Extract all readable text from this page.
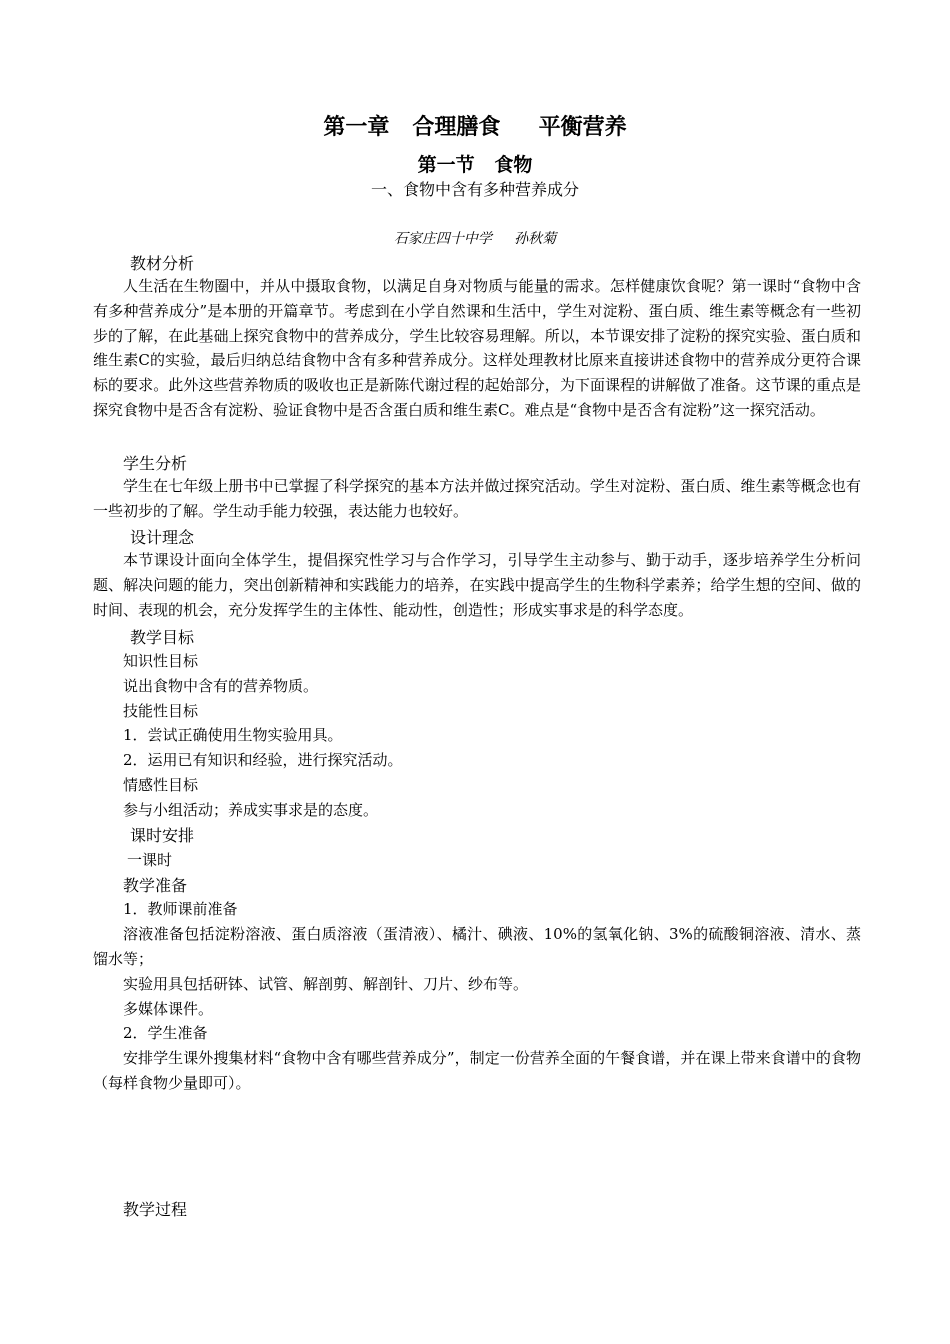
第一章   合理膳食     平衡营养
第一节   食物
一、食物中含有多种营养成分
石家庄四十中学     孙秋菊
教材分析
人生活在生物圈中，并从中摄取食物，以满足自身对物质与能量的需求。怎样健康饮食呢？第一课时“食物中含有多种营养成分”是本册的开篇章节。考虑到在小学自然课和生活中，学生对淀粉、蛋白质、维生素等概念有一些初步的了解，在此基础上探究食物中的营养成分，学生比较容易理解。所以，本节课安排了淀粉的探究实验、蛋白质和维生素C的实验，最后归纳总结食物中含有多种营养成分。这样处理教材比原来直接讲述食物中的营养成分更符合课标的要求。此外这些营养物质的吸收也正是新陈代谢过程的起始部分，为下面课程的讲解做了准备。这节课的重点是探究食物中是否含有淀粉、验证食物中是否含蛋白质和维生素C。难点是“食物中是否含有淀粉”这一探究活动。
学生分析
学生在七年级上册书中已掌握了科学探究的基本方法并做过探究活动。学生对淀粉、蛋白质、维生素等概念也有一些初步的了解。学生动手能力较强，表达能力也较好。
设计理念
本节课设计面向全体学生，提倡探究性学习与合作学习，引导学生主动参与、勤于动手，逐步培养学生分析问题、解决问题的能力，突出创新精神和实践能力的培养，在实践中提高学生的生物科学素养；给学生想的空间、做的时间、表现的机会，充分发挥学生的主体性、能动性，创造性；形成实事求是的科学态度。
教学目标
知识性目标
说出食物中含有的营养物质。
技能性目标
1．尝试正确使用生物实验用具。
2．运用已有知识和经验，进行探究活动。
情感性目标
参与小组活动；养成实事求是的态度。
课时安排
一课时
教学准备
1．教师课前准备
溶液准备包括淀粉溶液、蛋白质溶液（蛋清液）、橘汁、碘液、10%的氢氧化钠、3%的硫酸铜溶液、清水、蒸馏水等；
实验用具包括研钵、试管、解剖剪、解剖针、刀片、纱布等。
多媒体课件。
2．学生准备
安排学生课外搜集材料“食物中含有哪些营养成分”，制定一份营养全面的午餐食谱，并在课上带来食谱中的食物（每样食物少量即可）。
教学过程
